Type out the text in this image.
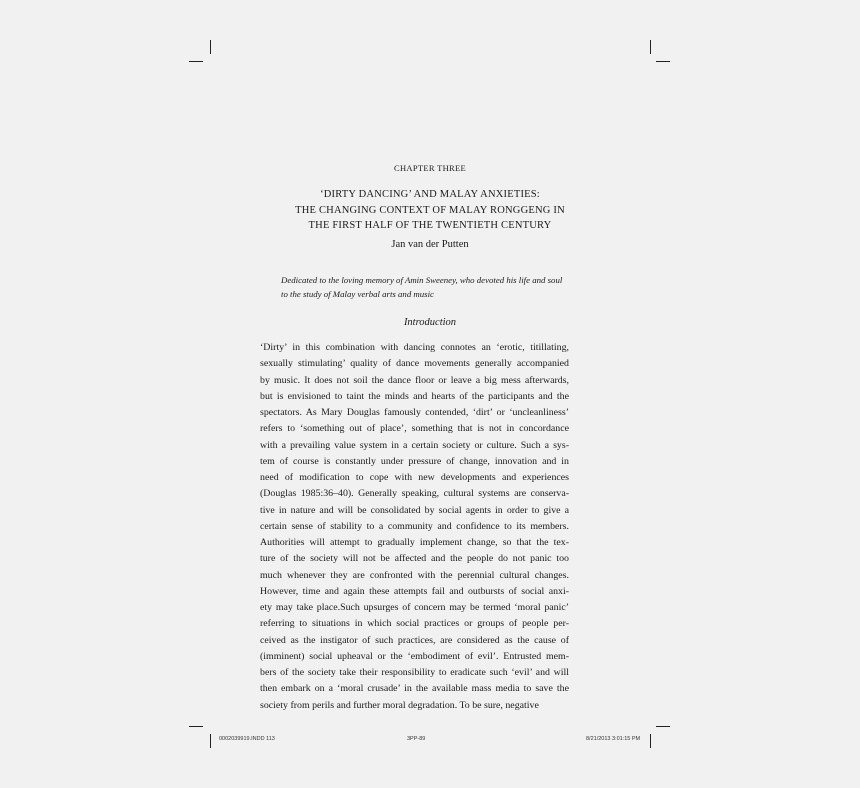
CHAPTER THREE
‘DIRTY DANCING’ AND MALAY ANXIETIES:
THE CHANGING CONTEXT OF MALAY RONGGENG IN
THE FIRST HALF OF THE TWENTIETH CENTURY
Jan van der Putten
Dedicated to the loving memory of Amin Sweeney, who devoted his life and soul
to the study of Malay verbal arts and music
Introduction
‘Dirty’ in this combination with dancing connotes an ‘erotic, titillating,
sexually stimulating’ quality of dance movements generally accompanied
by music. It does not soil the dance floor or leave a big mess afterwards,
but is envisioned to taint the minds and hearts of the participants and the
spectators. As Mary Douglas famously contended, ‘dirt’ or ‘uncleanliness’
refers to ‘something out of place’, something that is not in concordance
with a prevailing value system in a certain society or culture. Such a sys-
tem of course is constantly under pressure of change, innovation and in
need of modification to cope with new developments and experiences
(Douglas 1985:36–40). Generally speaking, cultural systems are conserva-
tive in nature and will be consolidated by social agents in order to give a
certain sense of stability to a community and confidence to its members.
Authorities will attempt to gradually implement change, so that the tex-
ture of the society will not be affected and the people do not panic too
much whenever they are confronted with the perennial cultural changes.
However, time and again these attempts fail and outbursts of social anxi-
ety may take place.Such upsurges of concern may be termed ‘moral panic’
referring to situations in which social practices or groups of people per-
ceived as the instigator of such practices, are considered as the cause of
(imminent) social upheaval or the ‘embodiment of evil’. Entrusted mem-
bers of the society take their responsibility to eradicate such ‘evil’ and will
then embark on a ‘moral crusade’ in the available mass media to save the
society from perils and further moral degradation. To be sure, negative
0002039919.INDD 113	3PP-89	8/21/2013 3:01:15 PM
